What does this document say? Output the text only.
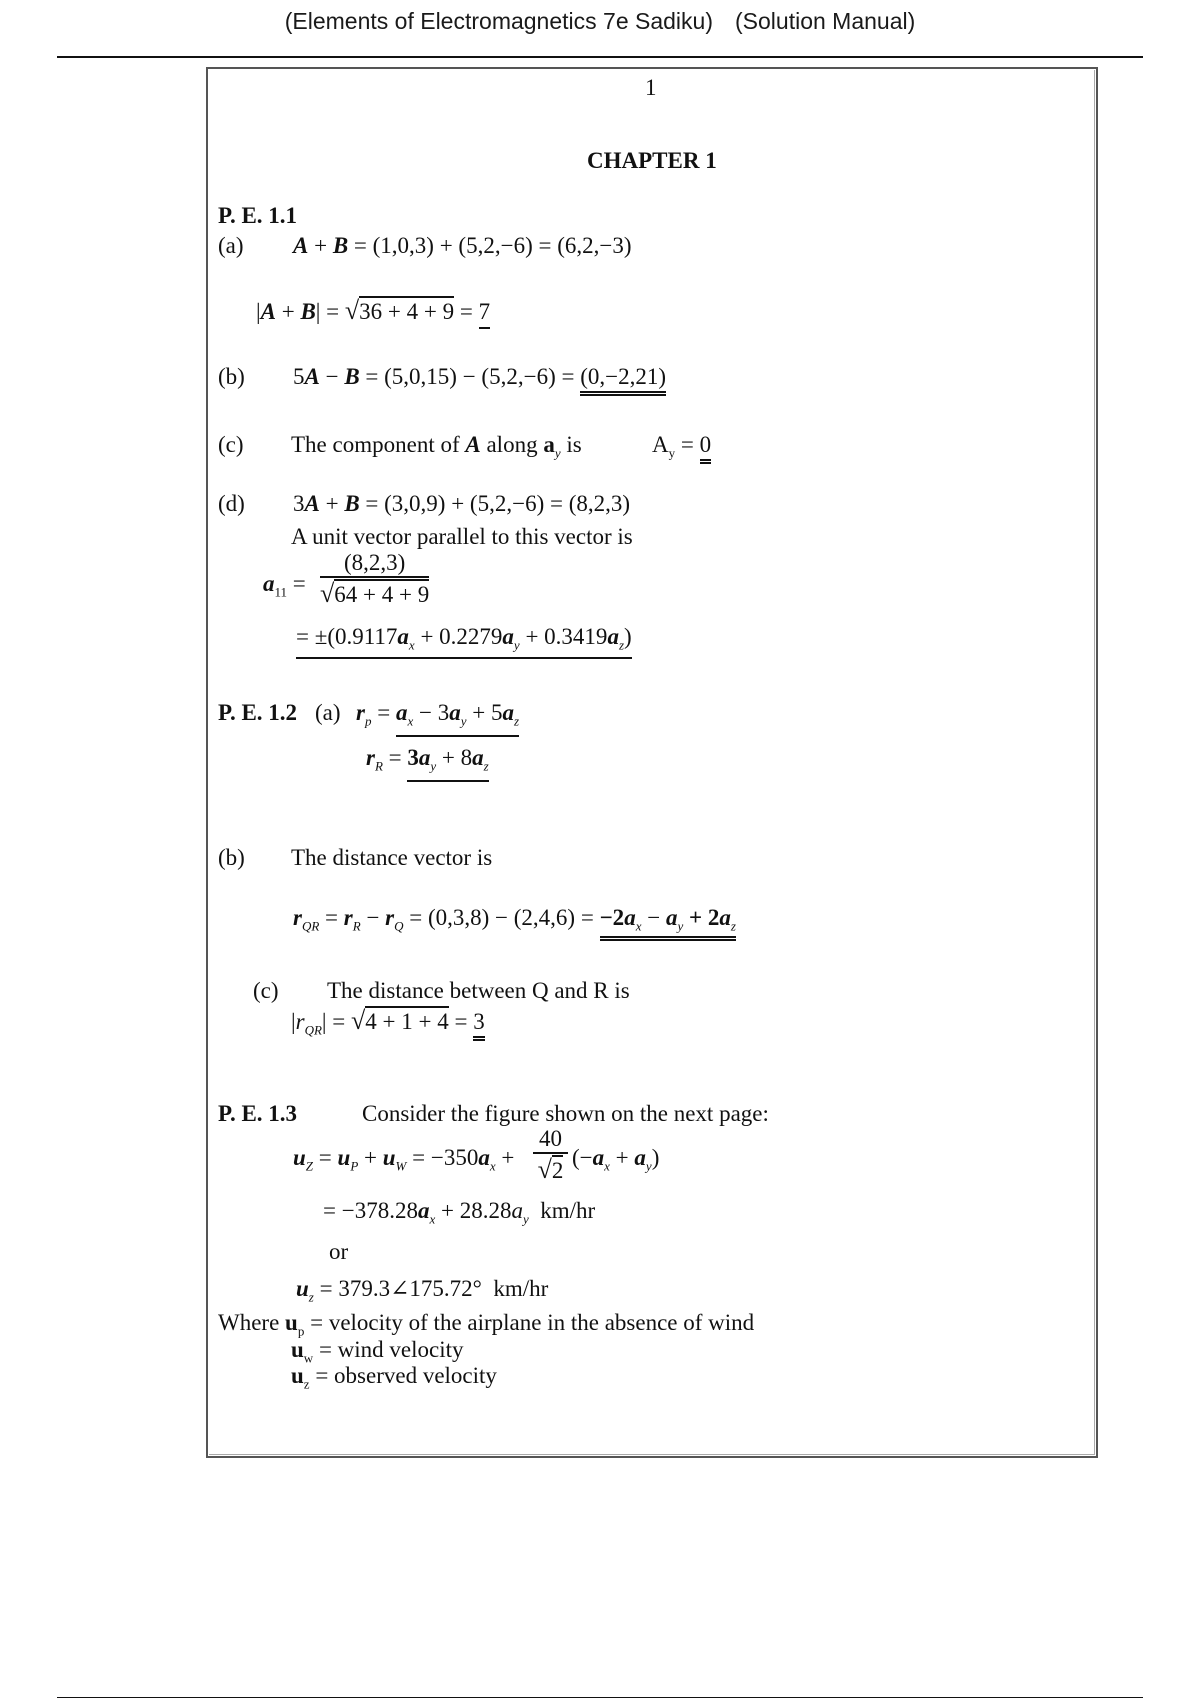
(Elements of Electromagnetics 7e Sadiku) (Solution Manual)
1
CHAPTER 1
P. E. 1.1
(a) A + B = (1,0,3) + (5,2,−6) = (6,2,−3)
|A + B| = √36 + 4 + 9 = 7
(b) 5A − B = (5,0,15) − (5,2,−6) = (0,−2,21)
(c) The component of A along $a_y$ is	$A_y = 0$
(d) 3A + B = (3,0,9) + (5,2,−6) = (8,2,3)
A unit vector parallel to this vector is
$a_{11} = \frac{(8,2,3)}{√64 + 4 + 9}$
= $\pm(0.9117a_x + 0.2279a_y + 0.3419a_z)$
P. E. 1.2 (a) $r_p = a_x - 3a_y + 5a_z$
$r_R = 3a_y + 8a_z$
(b) The distance vector is
$r_{QR} = r_R - r_Q = (0,3,8) - (2,4,6) = -2a_x - a_y + 2a_z$
(c) The distance between Q and R is
$|r_{QR}| = √4 + 1 + 4 = 3$
P. E. 1.3	Consider the figure shown on the next page:
$u_Z = u_P + u_W = -350a_x + \frac{40}{√2} (-a_x + a_y)$
= $-378.28a_x + 28.28a_y$ km/hr
or
$u_z$ = 379.3∠175.72° km/hr
Where $u_p$ = velocity of the airplane in the absence of wind
$u_w$ = wind velocity
$u_z$ = observed velocity
